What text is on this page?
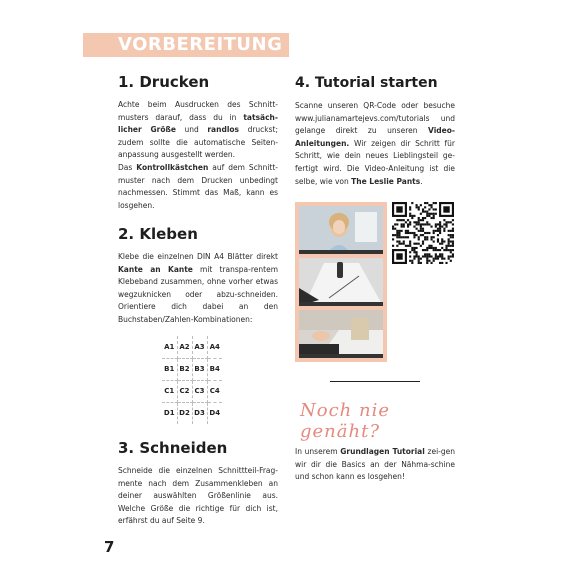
VORBEREITUNG
1. Drucken

Achte beim Ausdrucken des Schnitt-musters darauf, dass du in tatsäch-licher Größe und randlos druckst; zudem sollte die automatische Seiten-anpassung ausgestellt werden.
Das Kontrollkästchen auf dem Schnitt-muster nach dem Drucken unbedingt nachmessen. Stimmt das Maß, kann es losgehen.

2. Kleben

Klebe die einzelnen DIN A4 Blätter direkt Kante an Kante mit transpa-rentem Klebeband zusammen, ohne vorher etwas wegzuknicken oder abzu-schneiden. Orientiere dich dabei an den Buchstaben/Zahlen-Kombinationen:

A1	A2	A3	A4
B1	B2	B3	B4
C1	C2	C3	C4
D1	D2	D3	D4
3. Schneiden

Schneide die einzelnen Schnittteil-Frag-mente nach dem Zusammenkleben an deiner auswählten Größenlinie aus. Welche Größe die richtige für dich ist, erfährst du auf Seite 9.

4. Tutorial starten

Scanne unseren QR-Code oder besuche www.julianamartejevs.com/tutorials und gelange direkt zu unseren Video-Anleitungen. Wir zeigen dir Schritt für Schritt, wie dein neues Lieblingsteil ge-fertigt wird. Die Video-Anleitung ist die selbe, wie von The Leslie Pants.

Noch nie genäht?

In unserem Grundlagen Tutorial zei-gen wir dir die Basics an der Nähma-schine und schon kann es losgehen!

7
